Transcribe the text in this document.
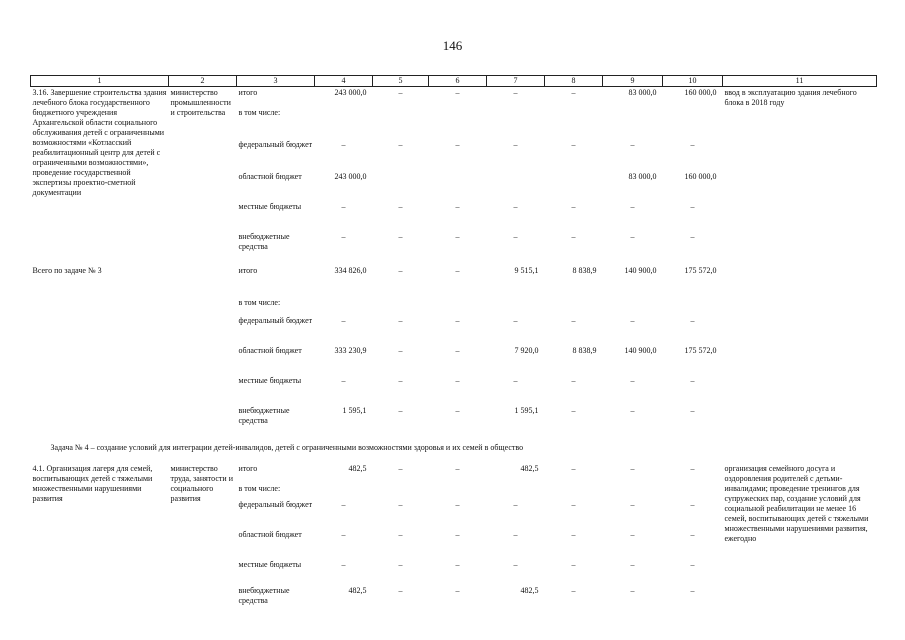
146
1	2	3	4	5	6	7	8	9	10	11
3.16. Завершение строительства здания лечебного блока государственного бюджетного учреждения Архангельской области социального обслуживания детей с ограниченными возможностями «Котласский реабилитационный центр для детей с ограниченными возможностями», проведение государственной экспертизы проектно-сметной документации	министерство промышленности и строительства	итого	243 000,0	–	–	–	–	83 000,0	160 000,0	ввод в эксплуатацию здания лечебного блока в 2018 году
		в том числе:								
		федеральный бюджет	–	–	–	–	–	–	–	
		областной бюджет	243 000,0					83 000,0	160 000,0	
		местные бюджеты	–	–	–	–	–	–	–	
		внебюджетные средства	–	–	–	–	–	–	–	
Всего по задаче № 3		итого	334 826,0	–	–	9 515,1	8 838,9	140 900,0	175 572,0	
		в том числе:								
		федеральный бюджет	–	–	–	–	–	–	–	
		областной бюджет	333 230,9	–	–	7 920,0	8 838,9	140 900,0	175 572,0	
		местные бюджеты	–	–	–	–	–	–	–	
		внебюджетные средства	1 595,1	–	–	1 595,1	–	–	–	
Задача № 4 – создание условий для интеграции детей-инвалидов, детей с ограниченными возможностями здоровья и их семей в общество										
4.1. Организация лагеря для семей, воспитывающих детей с тяжелыми множественными нарушениями развития	министерство труда, занятости и социального развития	итого	482,5	–	–	482,5	–	–	–	организация семейного досуга и оздоровления родителей с детьми-инвалидами; проведение тренингов для супружеских пар, создание условий для социальной реабилитации не менее 16 семей, воспитывающих детей с тяжелыми множественными нарушениями развития, ежегодно
		в том числе:								
		федеральный бюджет	–	–	–	–	–	–	–	
		областной бюджет	–	–	–	–	–	–	–	
		местные бюджеты	–	–	–	–	–	–	–	
		внебюджетные средства	482,5	–	–	482,5	–	–	–	
